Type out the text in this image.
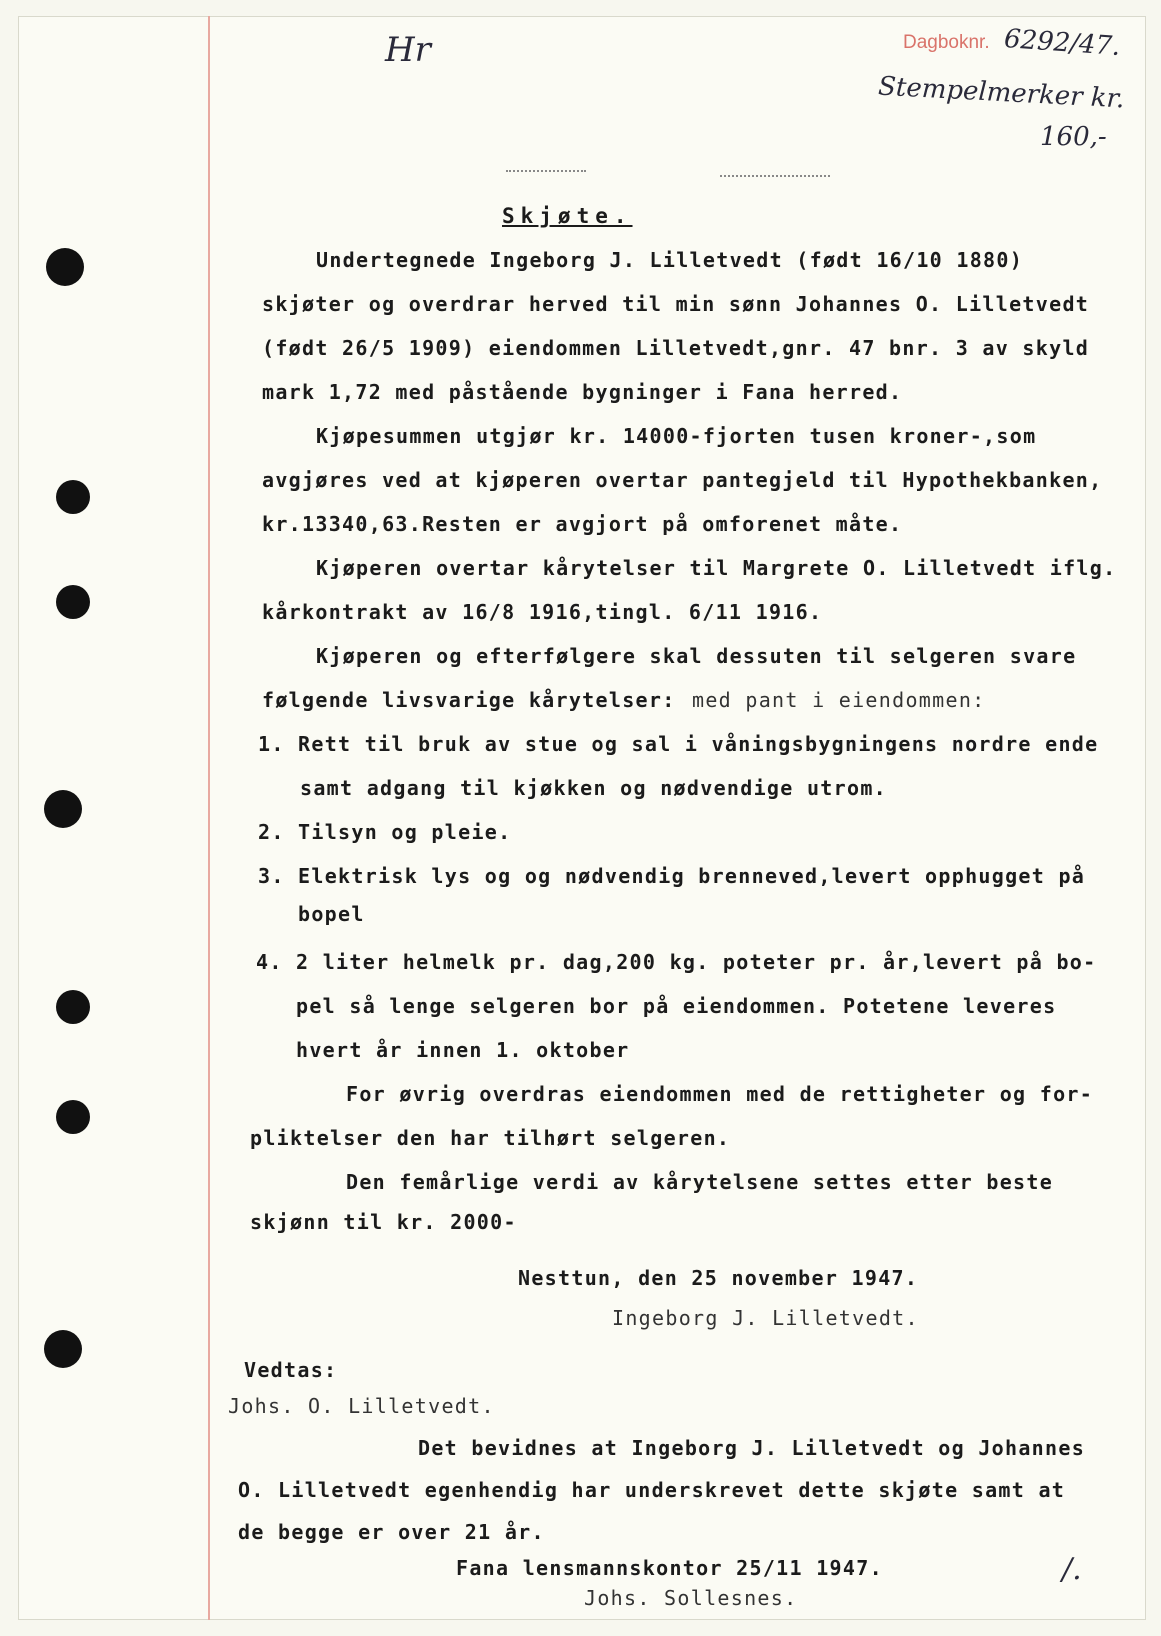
Hr	Dagboknr. 6292/47.
Stempelmerker kr.
160,-
Skjøte.
Undertegnede Ingeborg J. Lilletvedt (født 16/10 1880)
skjøter og overdrar herved til min sønn Johannes O. Lilletvedt
(født 26/5 1909) eiendommen Lilletvedt,gnr. 47 bnr. 3 av skyld
mark 1,72 med påstående bygninger i Fana herred.
Kjøpesummen utgjør kr. 14000-fjorten tusen kroner-,som
avgjøres ved at kjøperen overtar pantegjeld til Hypothekbanken,
kr.13340,63.Resten er avgjort på omforenet måte.
Kjøperen overtar kårytelser til Margrete O. Lilletvedt iflg.
kårkontrakt av 16/8 1916,tingl. 6/11 1916.
Kjøperen og efterfølgere skal dessuten til selgeren svare
følgende livsvarige kårytelser: med pant i eiendommen:
1. Rett til bruk av stue og sal i våningsbygningens nordre ende
samt adgang til kjøkken og nødvendige utrom.
2. Tilsyn og pleie.
3. Elektrisk lys og og nødvendig brenneved,levert opphugget på
bopel
4. 2 liter helmelk pr. dag,200 kg. poteter pr. år,levert på bo-
pel så lenge selgeren bor på eiendommen. Potetene leveres
hvert år innen 1. oktober
For øvrig overdras eiendommen med de rettigheter og for-
pliktelser den har tilhørt selgeren.
Den femårlige verdi av kårytelsene settes etter beste
skjønn til kr. 2000-
Nesttun, den 25 november 1947.
Ingeborg J. Lilletvedt.
Vedtas:
Johs. O. Lilletvedt.
Det bevidnes at Ingeborg J. Lilletvedt og Johannes
O. Lilletvedt egenhendig har underskrevet dette skjøte samt at
de begge er over 21 år.
Fana lensmannskontor 25/11 1947.
Johs. Sollesnes.
/.
